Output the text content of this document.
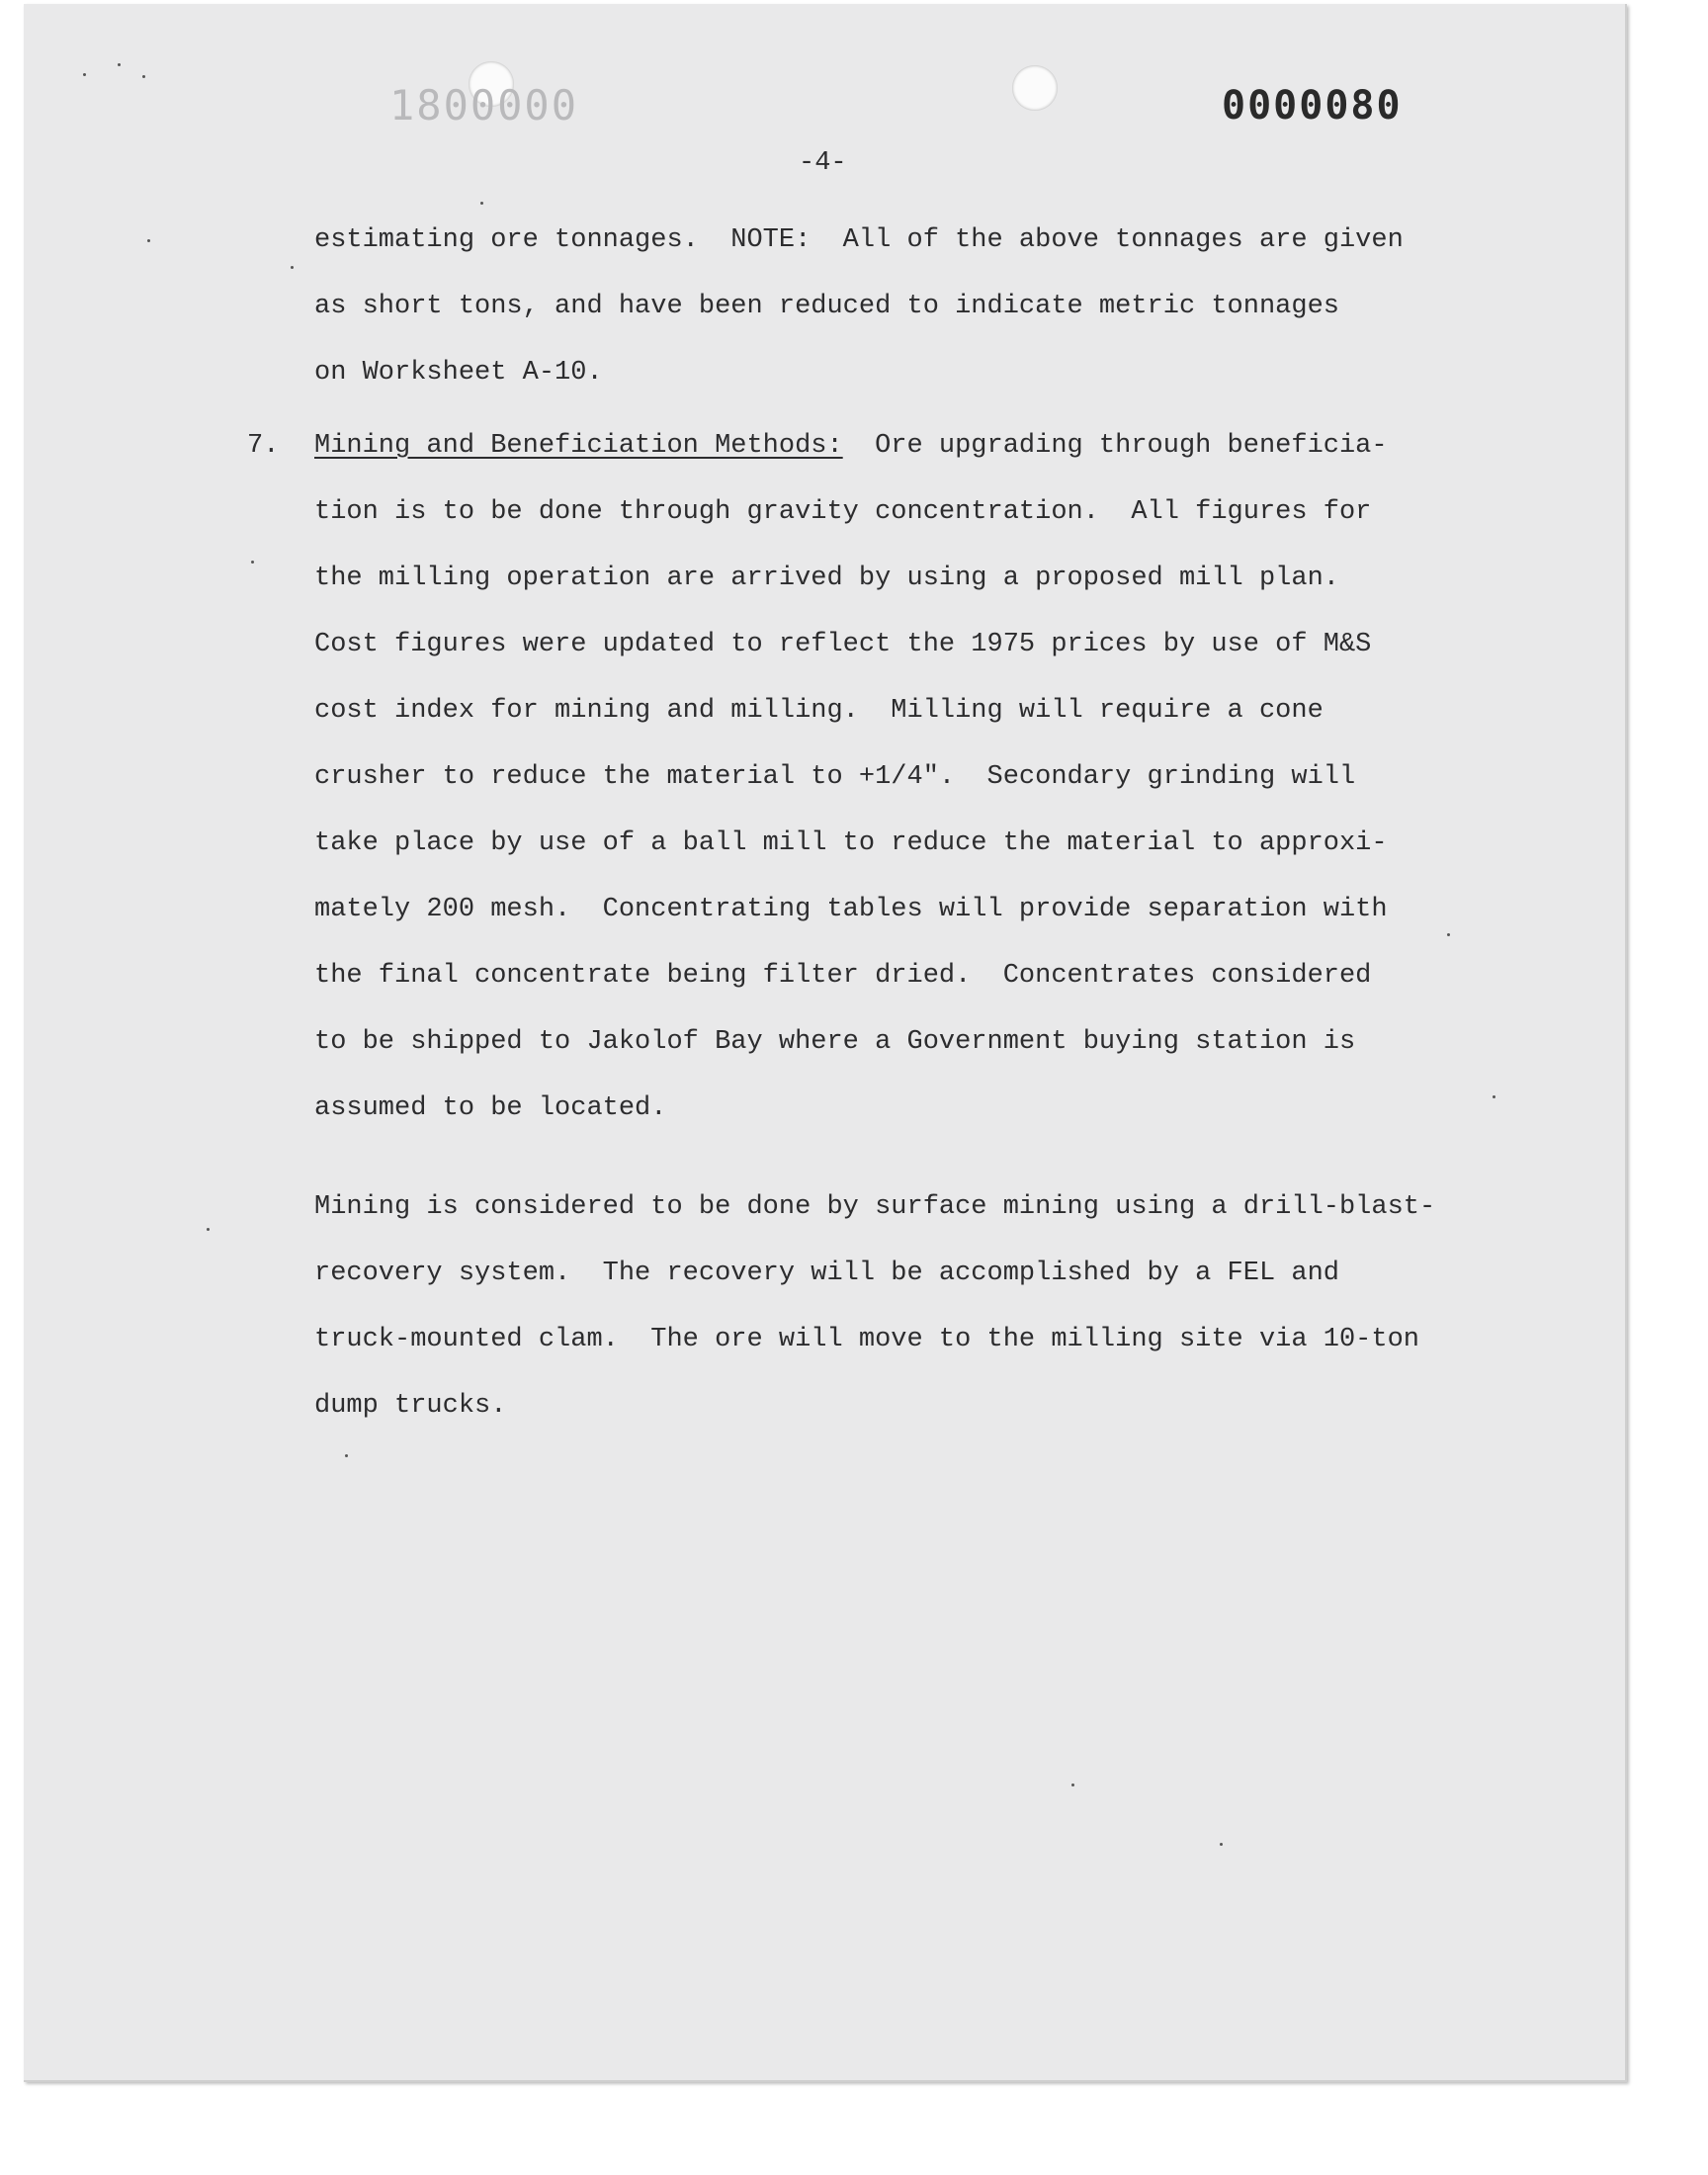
1800000	0000080
-4-
estimating ore tonnages.  NOTE:  All of the above tonnages are given
as short tons, and have been reduced to indicate metric tonnages
on Worksheet A-10.
7. Mining and Beneficiation Methods:  Ore upgrading through beneficia-
tion is to be done through gravity concentration.  All figures for
the milling operation are arrived by using a proposed mill plan.
Cost figures were updated to reflect the 1975 prices by use of M&S
cost index for mining and milling.  Milling will require a cone
crusher to reduce the material to +1/4".  Secondary grinding will
take place by use of a ball mill to reduce the material to approxi-
mately 200 mesh.  Concentrating tables will provide separation with
the final concentrate being filter dried.  Concentrates considered
to be shipped to Jakolof Bay where a Government buying station is
assumed to be located.
Mining is considered to be done by surface mining using a drill-blast-
recovery system.  The recovery will be accomplished by a FEL and
truck-mounted clam.  The ore will move to the milling site via 10-ton
dump trucks.
